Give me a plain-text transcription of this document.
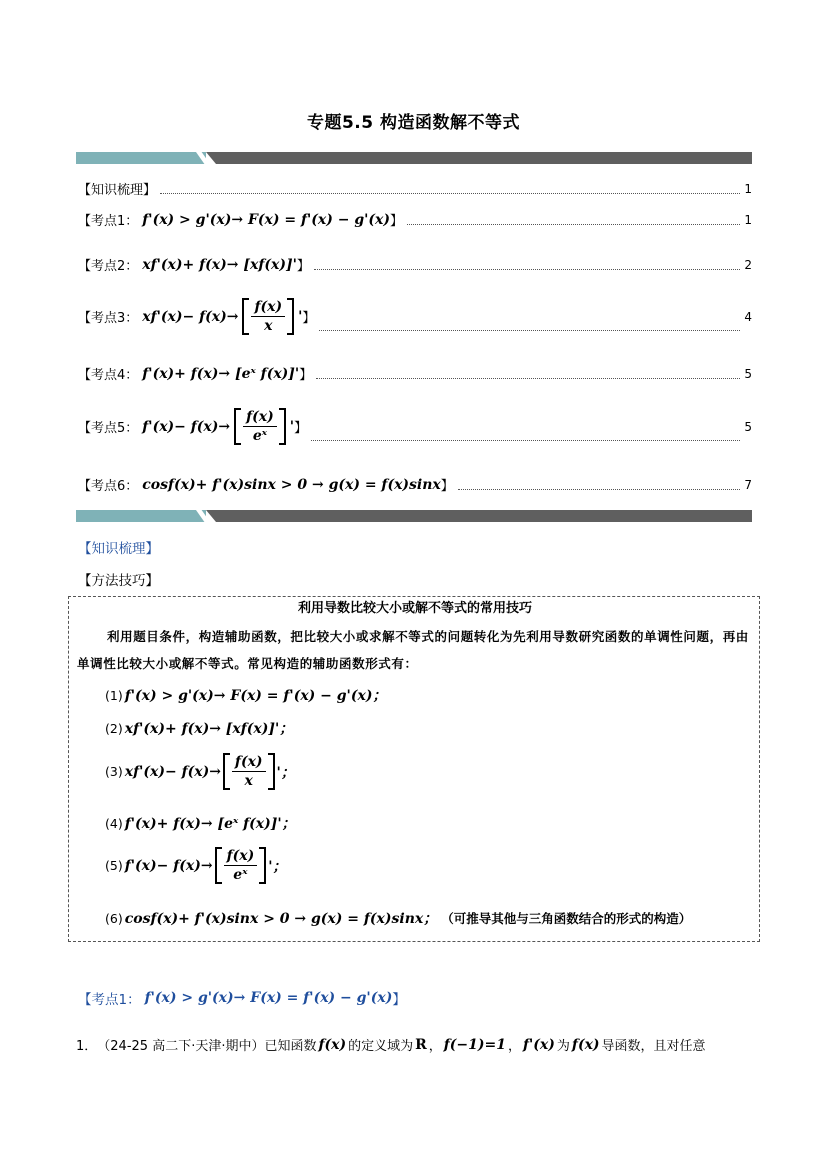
专题5.5 构造函数解不等式
【知识梳理】	1
【考点1： f'(x) > g'(x)→ F(x) = f'(x) − g'(x) 】	1
【考点2： xf'(x)+ f(x)→ [xf(x)]' 】	2
【考点3： $xf'(x)- f(x)\to \frac{f(x)}{x}$ ' 】	4
【考点4： f'(x)+ f(x)→ [eˣ f(x)]' 】	5
【考点5： $f'(x)- f(x)\to \frac{f(x)}{\text{eˣ}}$ ' 】	5
【考点6： cosf(x)+ f'(x)sinx > 0 → g(x) = f(x)sinx 】	7
【知识梳理】
【方法技巧】
利用导数比较大小或解不等式的常用技巧
利用题目条件，构造辅助函数，把比较大小或求解不等式的问题转化为先利用导数研究函数的单调性问题，再由单调性比较大小或解不等式。常见构造的辅助函数形式有：
(1) f'(x) > g'(x)→ F(x) = f'(x) − g'(x)；
(2) xf'(x)+ f(x)→ [xf(x)]'；
(3) $xf'(x)- f(x)\to \frac{f(x)}{x}$ '；
(4) f'(x)+ f(x)→ [eˣ f(x)]'；
(5) $f'(x)- f(x)\to \frac{f(x)}{\text{eˣ}}$ '；
(6) cosf(x)+ f'(x)sinx > 0 → g(x) = f(x)sinx； （可推导其他与三角函数结合的形式的构造）
【考点1： f'(x) > g'(x)→ F(x) = f'(x) − g'(x) 】
1． （24-25 高二下·天津·期中）已知函数 f(x) 的定义域为 R ， f(−1)=1 ， f'(x) 为 f(x) 导函数，且对任意
